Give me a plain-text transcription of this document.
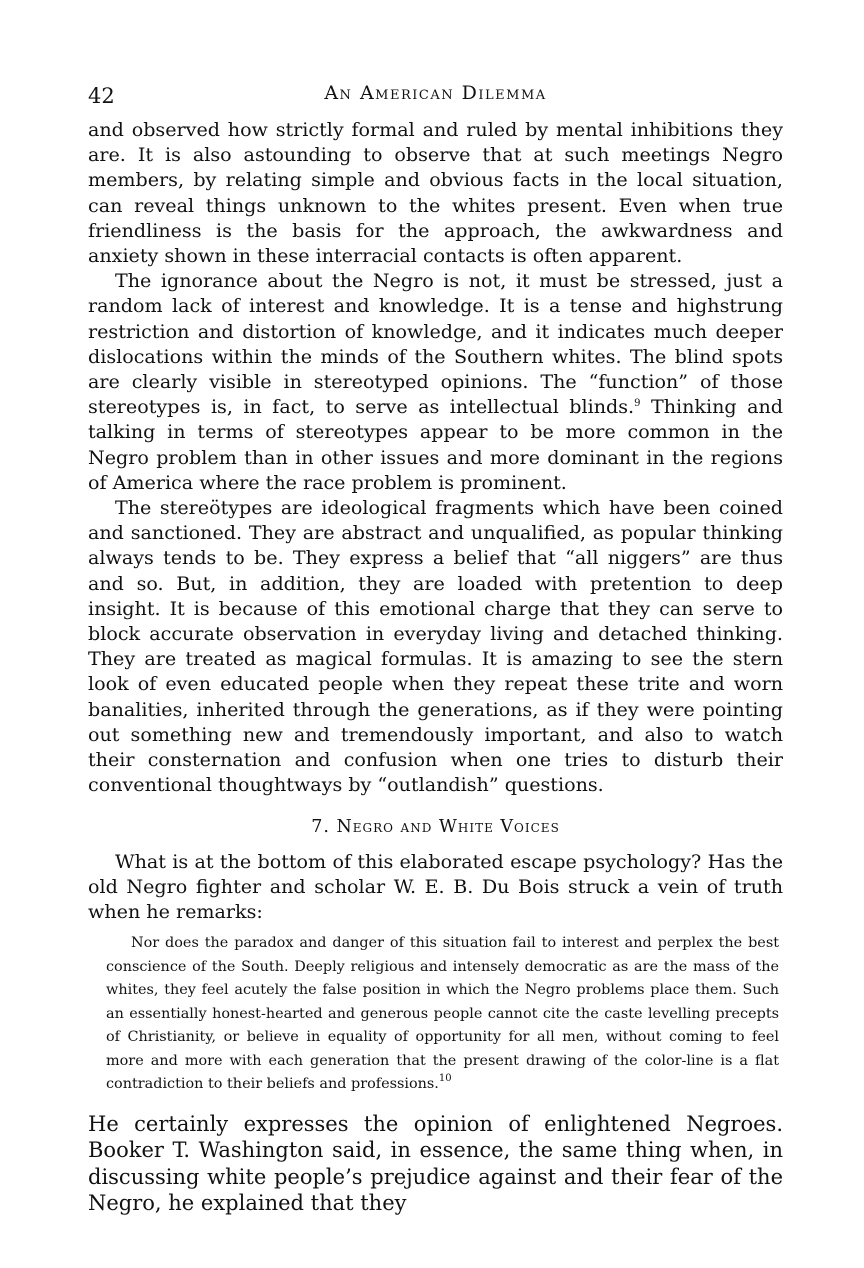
42	An American Dilemma

and observed how strictly formal and ruled by mental inhibitions they are. It is also astounding to observe that at such meetings Negro members, by relating simple and obvious facts in the local situation, can reveal things unknown to the whites present. Even when true friendliness is the basis for the approach, the awkwardness and anxiety shown in these interracial contacts is often apparent.

The ignorance about the Negro is not, it must be stressed, just a random lack of interest and knowledge. It is a tense and highstrung restriction and distortion of knowledge, and it indicates much deeper dislocations within the minds of the Southern whites. The blind spots are clearly visible in stereotyped opinions. The “function” of those stereotypes is, in fact, to serve as intellectual blinds.$^9$ Thinking and talking in terms of stereotypes appear to be more common in the Negro problem than in other issues and more dominant in the regions of America where the race problem is prominent.

The stereötypes are ideological fragments which have been coined and sanctioned. They are abstract and unqualified, as popular thinking always tends to be. They express a belief that “all niggers” are thus and so. But, in addition, they are loaded with pretention to deep insight. It is because of this emotional charge that they can serve to block accurate observation in everyday living and detached thinking. They are treated as magical formulas. It is amazing to see the stern look of even educated people when they repeat these trite and worn banalities, inherited through the generations, as if they were pointing out something new and tremendously important, and also to watch their consternation and confusion when one tries to disturb their conventional thoughtways by “outlandish” questions.

7. Negro and White Voices

What is at the bottom of this elaborated escape psychology? Has the old Negro fighter and scholar W. E. B. Du Bois struck a vein of truth when he remarks:

Nor does the paradox and danger of this situation fail to interest and perplex the best conscience of the South. Deeply religious and intensely democratic as are the mass of the whites, they feel acutely the false position in which the Negro problems place them. Such an essentially honest-hearted and generous people cannot cite the caste levelling precepts of Christianity, or believe in equality of opportunity for all men, without coming to feel more and more with each generation that the present drawing of the color-line is a flat contradiction to their beliefs and professions.$^{10}$

He certainly expresses the opinion of enlightened Negroes. Booker T. Washington said, in essence, the same thing when, in discussing white people’s prejudice against and their fear of the Negro, he explained that they
